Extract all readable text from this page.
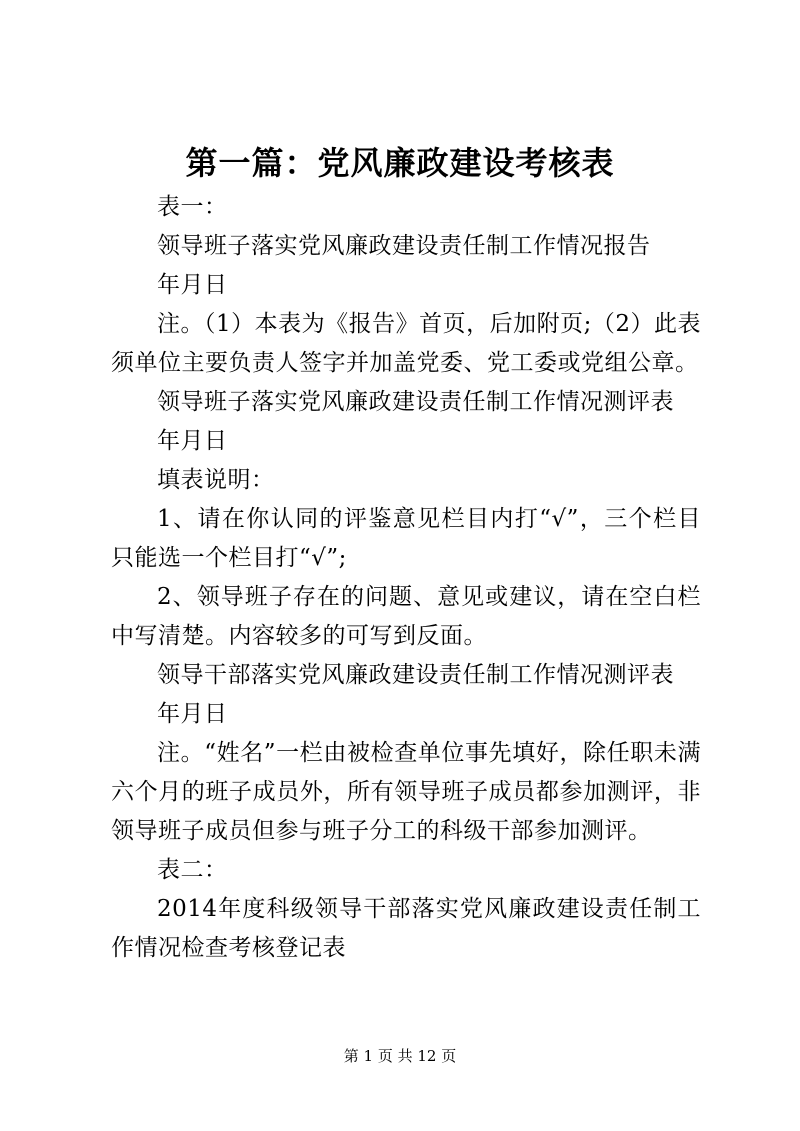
第一篇：党风廉政建设考核表

表一：

领导班子落实党风廉政建设责任制工作情况报告

年月日

注。（1）本表为《报告》首页，后加附页;（2）此表须单位主要负责人签字并加盖党委、党工委或党组公章。

领导班子落实党风廉政建设责任制工作情况测评表

年月日

填表说明：

1、请在你认同的评鉴意见栏目内打“√”，三个栏目只能选一个栏目打“√”;

2、领导班子存在的问题、意见或建议，请在空白栏中写清楚。内容较多的可写到反面。

领导干部落实党风廉政建设责任制工作情况测评表

年月日

注。“姓名”一栏由被检查单位事先填好，除任职未满六个月的班子成员外，所有领导班子成员都参加测评，非领导班子成员但参与班子分工的科级干部参加测评。

表二：

2014年度科级领导干部落实党风廉政建设责任制工作情况检查考核登记表

第 1 页 共 12 页
